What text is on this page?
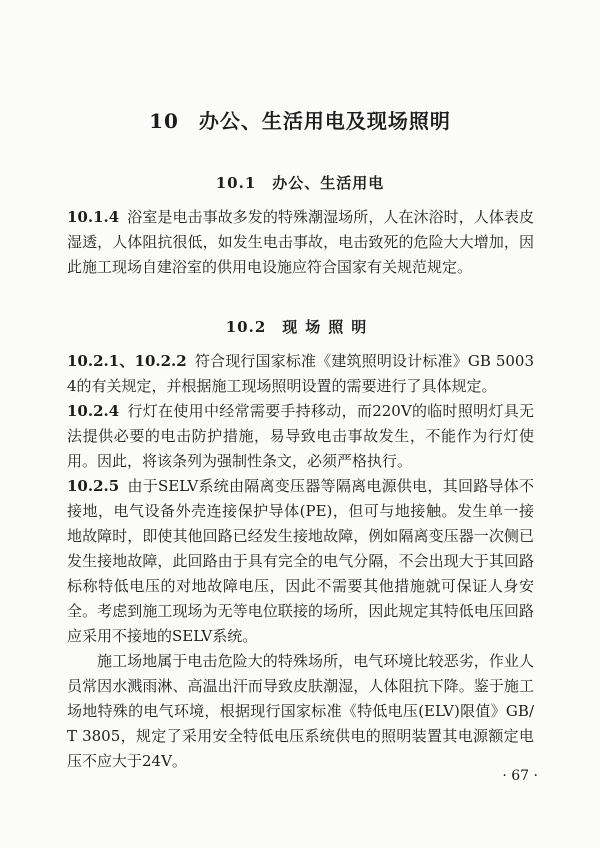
10 办公、生活用电及现场照明
10.1 办公、生活用电
10.1.4 浴室是电击事故多发的特殊潮湿场所，人在沐浴时，人体表皮湿透，人体阻抗很低，如发生电击事故，电击致死的危险大大增加，因此施工现场自建浴室的供用电设施应符合国家有关规范规定。
10.2 现场照明
10.2.1、10.2.2 符合现行国家标准《建筑照明设计标准》GB 50034的有关规定，并根据施工现场照明设置的需要进行了具体规定。
10.2.4 行灯在使用中经常需要手持移动，而220V的临时照明灯具无法提供必要的电击防护措施，易导致电击事故发生，不能作为行灯使用。因此，将该条列为强制性条文，必须严格执行。
10.2.5 由于SELV系统由隔离变压器等隔离电源供电，其回路导体不接地，电气设备外壳连接保护导体(PE)，但可与地接触。发生单一接地故障时，即使其他回路已经发生接地故障，例如隔离变压器一次侧已发生接地故障，此回路由于具有完全的电气分隔，不会出现大于其回路标称特低电压的对地故障电压，因此不需要其他措施就可保证人身安全。考虑到施工现场为无等电位联接的场所，因此规定其特低电压回路应采用不接地的SELV系统。
施工场地属于电击危险大的特殊场所，电气环境比较恶劣，作业人员常因水溅雨淋、高温出汗而导致皮肤潮湿，人体阻抗下降。鉴于施工场地特殊的电气环境，根据现行国家标准《特低电压(ELV)限值》GB/T 3805，规定了采用安全特低电压系统供电的照明装置其电源额定电压不应大于24V。
· 67 ·
